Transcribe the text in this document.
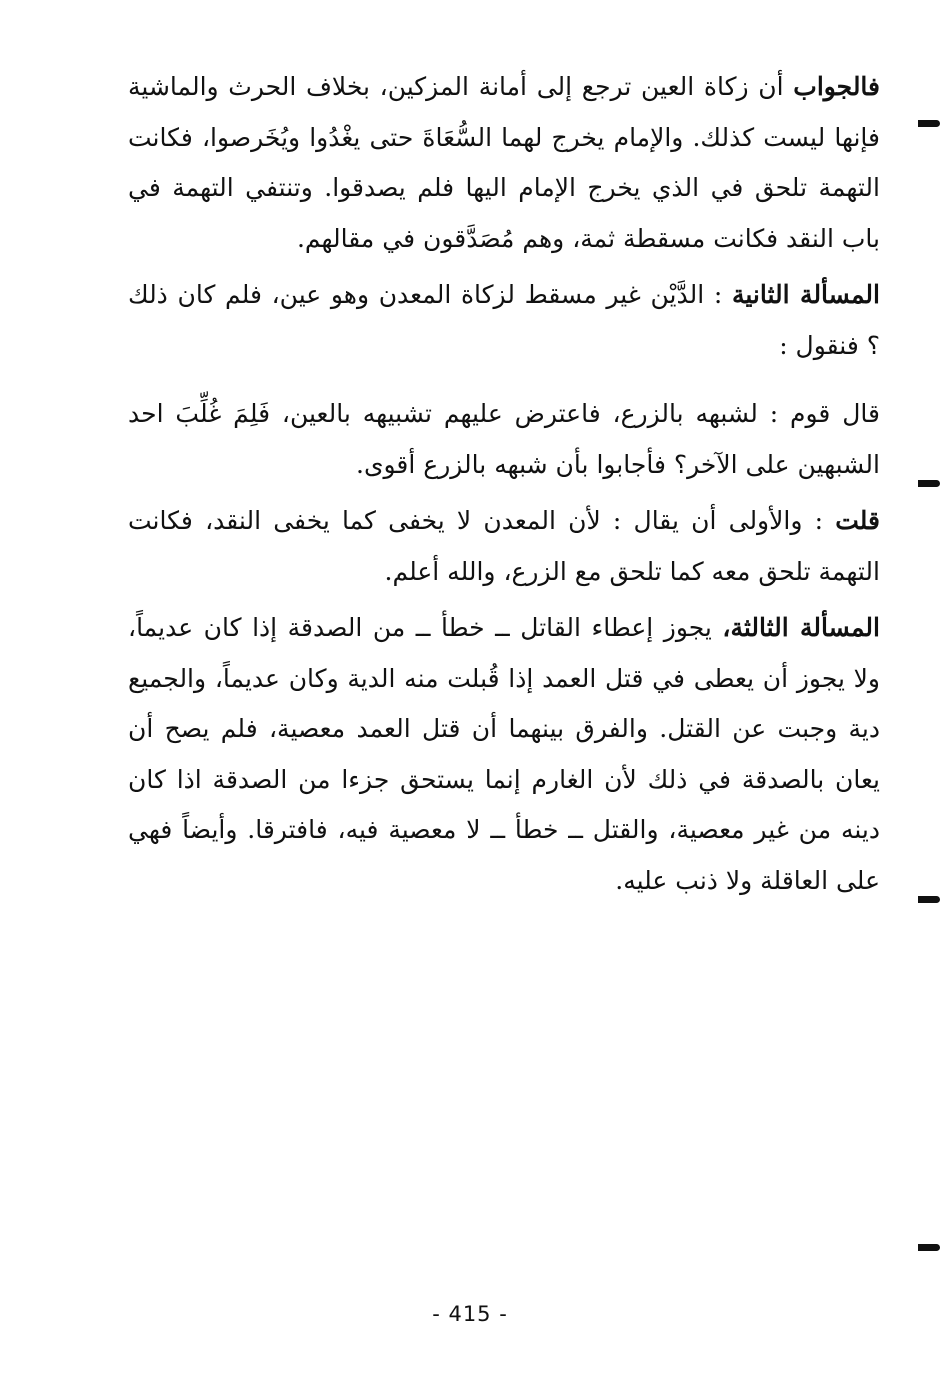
فالجواب أن زكاة العين ترجع إلى أمانة المزكين، بخلاف الحرث والماشية فإنها ليست كذلك. والإمام يخرج لهما السُّعَاةَ حتى يغْدُوا ويُخَرصوا، فكانت التهمة تلحق في الذي يخرج الإمام اليها فلم يصدقوا. وتنتفي التهمة في باب النقد فكانت مسقطة ثمة، وهم مُصَدَّقون في مقالهم.

المسألة الثانية : الدَّيْن غير مسقط لزكاة المعدن وهو عين، فلم كان ذلك ؟ فنقول :

قال قوم : لشبهه بالزرع، فاعترض عليهم تشبيهه بالعين، فَلِمَ غُلِّبَ احد الشبهين على الآخر؟ فأجابوا بأن شبهه بالزرع أقوى.

قلت : والأولى أن يقال : لأن المعدن لا يخفى كما يخفى النقد، فكانت التهمة تلحق معه كما تلحق مع الزرع، والله أعلم.

المسألة الثالثة، يجوز إعطاء القاتل ــ خطأ ــ من الصدقة إذا كان عديماً، ولا يجوز أن يعطى في قتل العمد إذا قُبلت منه الدية وكان عديماً، والجميع دية وجبت عن القتل. والفرق بينهما أن قتل العمد معصية، فلم يصح أن يعان بالصدقة في ذلك لأن الغارم إنما يستحق جزءا من الصدقة اذا كان دينه من غير معصية، والقتل ــ خطأ ــ لا معصية فيه، فافترقا. وأيضاً فهي على العاقلة ولا ذنب عليه.

- 415 -
